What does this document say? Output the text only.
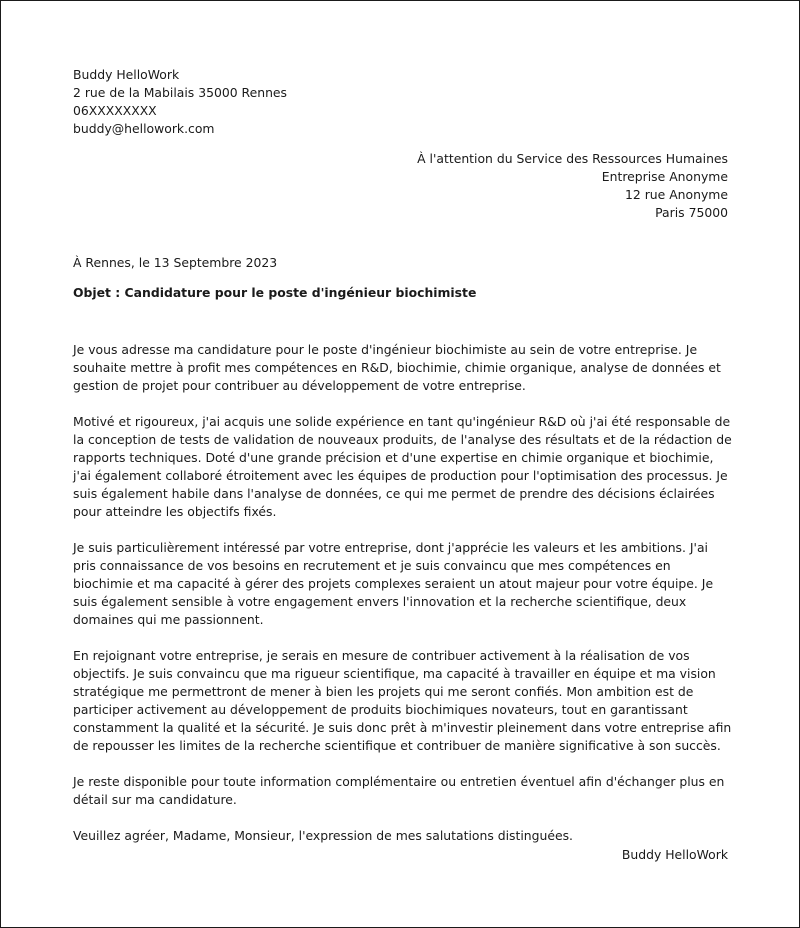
Buddy HelloWork
2 rue de la Mabilais 35000 Rennes
06XXXXXXXX
buddy@hellowork.com
À l'attention du Service des Ressources Humaines
Entreprise Anonyme
12 rue Anonyme
Paris 75000
À Rennes, le 13 Septembre 2023
Objet : Candidature pour le poste d'ingénieur biochimiste

Je vous adresse ma candidature pour le poste d'ingénieur biochimiste au sein de votre entreprise. Je souhaite mettre à profit mes compétences en R&D, biochimie, chimie organique, analyse de données et gestion de projet pour contribuer au développement de votre entreprise.

Motivé et rigoureux, j'ai acquis une solide expérience en tant qu'ingénieur R&D où j'ai été responsable de la conception de tests de validation de nouveaux produits, de l'analyse des résultats et de la rédaction de rapports techniques. Doté d'une grande précision et d'une expertise en chimie organique et biochimie, j'ai également collaboré étroitement avec les équipes de production pour l'optimisation des processus. Je suis également habile dans l'analyse de données, ce qui me permet de prendre des décisions éclairées pour atteindre les objectifs fixés.

Je suis particulièrement intéressé par votre entreprise, dont j'apprécie les valeurs et les ambitions. J'ai pris connaissance de vos besoins en recrutement et je suis convaincu que mes compétences en biochimie et ma capacité à gérer des projets complexes seraient un atout majeur pour votre équipe. Je suis également sensible à votre engagement envers l'innovation et la recherche scientifique, deux domaines qui me passionnent.

En rejoignant votre entreprise, je serais en mesure de contribuer activement à la réalisation de vos objectifs. Je suis convaincu que ma rigueur scientifique, ma capacité à travailler en équipe et ma vision stratégique me permettront de mener à bien les projets qui me seront confiés. Mon ambition est de participer activement au développement de produits biochimiques novateurs, tout en garantissant constamment la qualité et la sécurité. Je suis donc prêt à m'investir pleinement dans votre entreprise afin de repousser les limites de la recherche scientifique et contribuer de manière significative à son succès.

Je reste disponible pour toute information complémentaire ou entretien éventuel afin d'échanger plus en détail sur ma candidature.

Veuillez agréer, Madame, Monsieur, l'expression de mes salutations distinguées.

Buddy HelloWork
